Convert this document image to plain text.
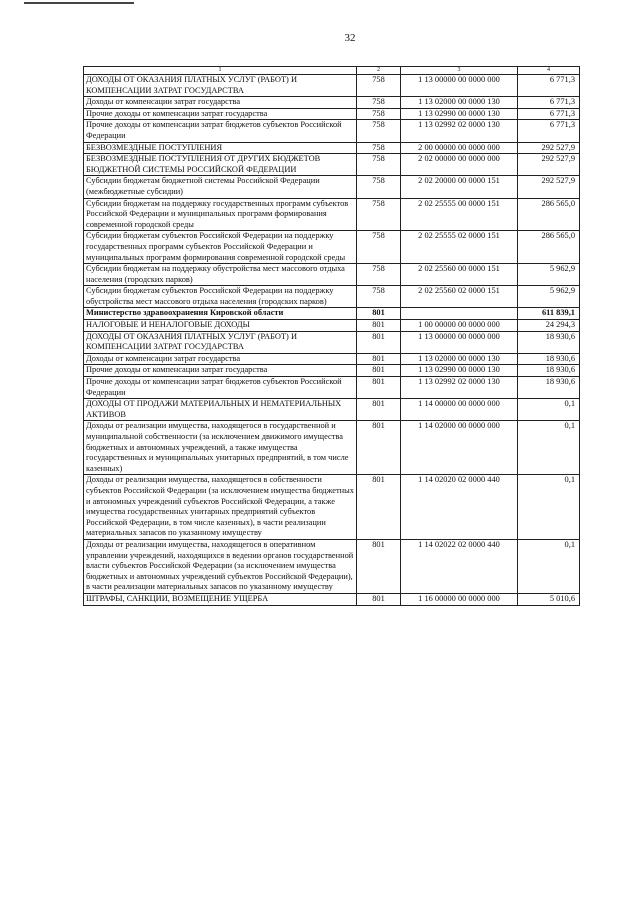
32
1	2	3	4
ДОХОДЫ ОТ ОКАЗАНИЯ ПЛАТНЫХ УСЛУГ (РАБОТ) И КОМПЕНСАЦИИ ЗАТРАТ ГОСУДАРСТВА	758	1 13 00000 00 0000 000	6 771,3
Доходы от компенсации затрат государства	758	1 13 02000 00 0000 130	6 771,3
Прочие доходы от компенсации затрат государства	758	1 13 02990 00 0000 130	6 771,3
Прочие доходы от компенсации затрат бюджетов субъектов Российской Федерации	758	1 13 02992 02 0000 130	6 771,3
БЕЗВОЗМЕЗДНЫЕ ПОСТУПЛЕНИЯ	758	2 00 00000 00 0000 000	292 527,9
БЕЗВОЗМЕЗДНЫЕ ПОСТУПЛЕНИЯ ОТ ДРУГИХ БЮДЖЕТОВ БЮДЖЕТНОЙ СИСТЕМЫ РОССИЙСКОЙ ФЕДЕРАЦИИ	758	2 02 00000 00 0000 000	292 527,9
Субсидии бюджетам бюджетной системы Российской Федерации (межбюджетные субсидии)	758	2 02 20000 00 0000 151	292 527,9
Субсидии бюджетам на поддержку государственных программ субъектов Российской Федерации и муниципальных программ формирования современной городской среды	758	2 02 25555 00 0000 151	286 565,0
Субсидии бюджетам субъектов Российской Федерации на поддержку государственных программ субъектов Российской Федерации и муниципальных программ формирования современной городской среды	758	2 02 25555 02 0000 151	286 565,0
Субсидии бюджетам на поддержку обустройства мест массового отдыха населения (городских парков)	758	2 02 25560 00 0000 151	5 962,9
Субсидии бюджетам субъектов Российской Федерации на поддержку обустройства мест массового отдыха населения (городских парков)	758	2 02 25560 02 0000 151	5 962,9
Министерство здравоохранения Кировской области	801		611 839,1
НАЛОГОВЫЕ И НЕНАЛОГОВЫЕ ДОХОДЫ	801	1 00 00000 00 0000 000	24 294,3
ДОХОДЫ ОТ ОКАЗАНИЯ ПЛАТНЫХ УСЛУГ (РАБОТ) И КОМПЕНСАЦИИ ЗАТРАТ ГОСУДАРСТВА	801	1 13 00000 00 0000 000	18 930,6
Доходы от компенсации затрат государства	801	1 13 02000 00 0000 130	18 930,6
Прочие доходы от компенсации затрат государства	801	1 13 02990 00 0000 130	18 930,6
Прочие доходы от компенсации затрат бюджетов субъектов Российской Федерации	801	1 13 02992 02 0000 130	18 930,6
ДОХОДЫ ОТ ПРОДАЖИ МАТЕРИАЛЬНЫХ И НЕМАТЕРИАЛЬНЫХ АКТИВОВ	801	1 14 00000 00 0000 000	0,1
Доходы от реализации имущества, находящегося в государственной и муниципальной собственности (за исключением движимого имущества бюджетных и автономных учреждений, а также имущества государственных и муниципальных унитарных предприятий, в том числе казенных)	801	1 14 02000 00 0000 000	0,1
Доходы от реализации имущества, находящегося в собственности субъектов Российской Федерации (за исключением имущества бюджетных и автономных учреждений субъектов Российской Федерации, а также имущества государственных унитарных предприятий субъектов Российской Федерации, в том числе казенных), в части реализации материальных запасов по указанному имуществу	801	1 14 02020 02 0000 440	0,1
Доходы от реализации имущества, находящегося в оперативном управлении учреждений, находящихся в ведении органов государственной власти субъектов Российской Федерации (за исключением имущества бюджетных и автономных учреждений субъектов Российской Федерации), в части реализации материальных запасов по указанному имуществу	801	1 14 02022 02 0000 440	0,1
ШТРАФЫ, САНКЦИИ, ВОЗМЕЩЕНИЕ УЩЕРБА	801	1 16 00000 00 0000 000	5 010,6
